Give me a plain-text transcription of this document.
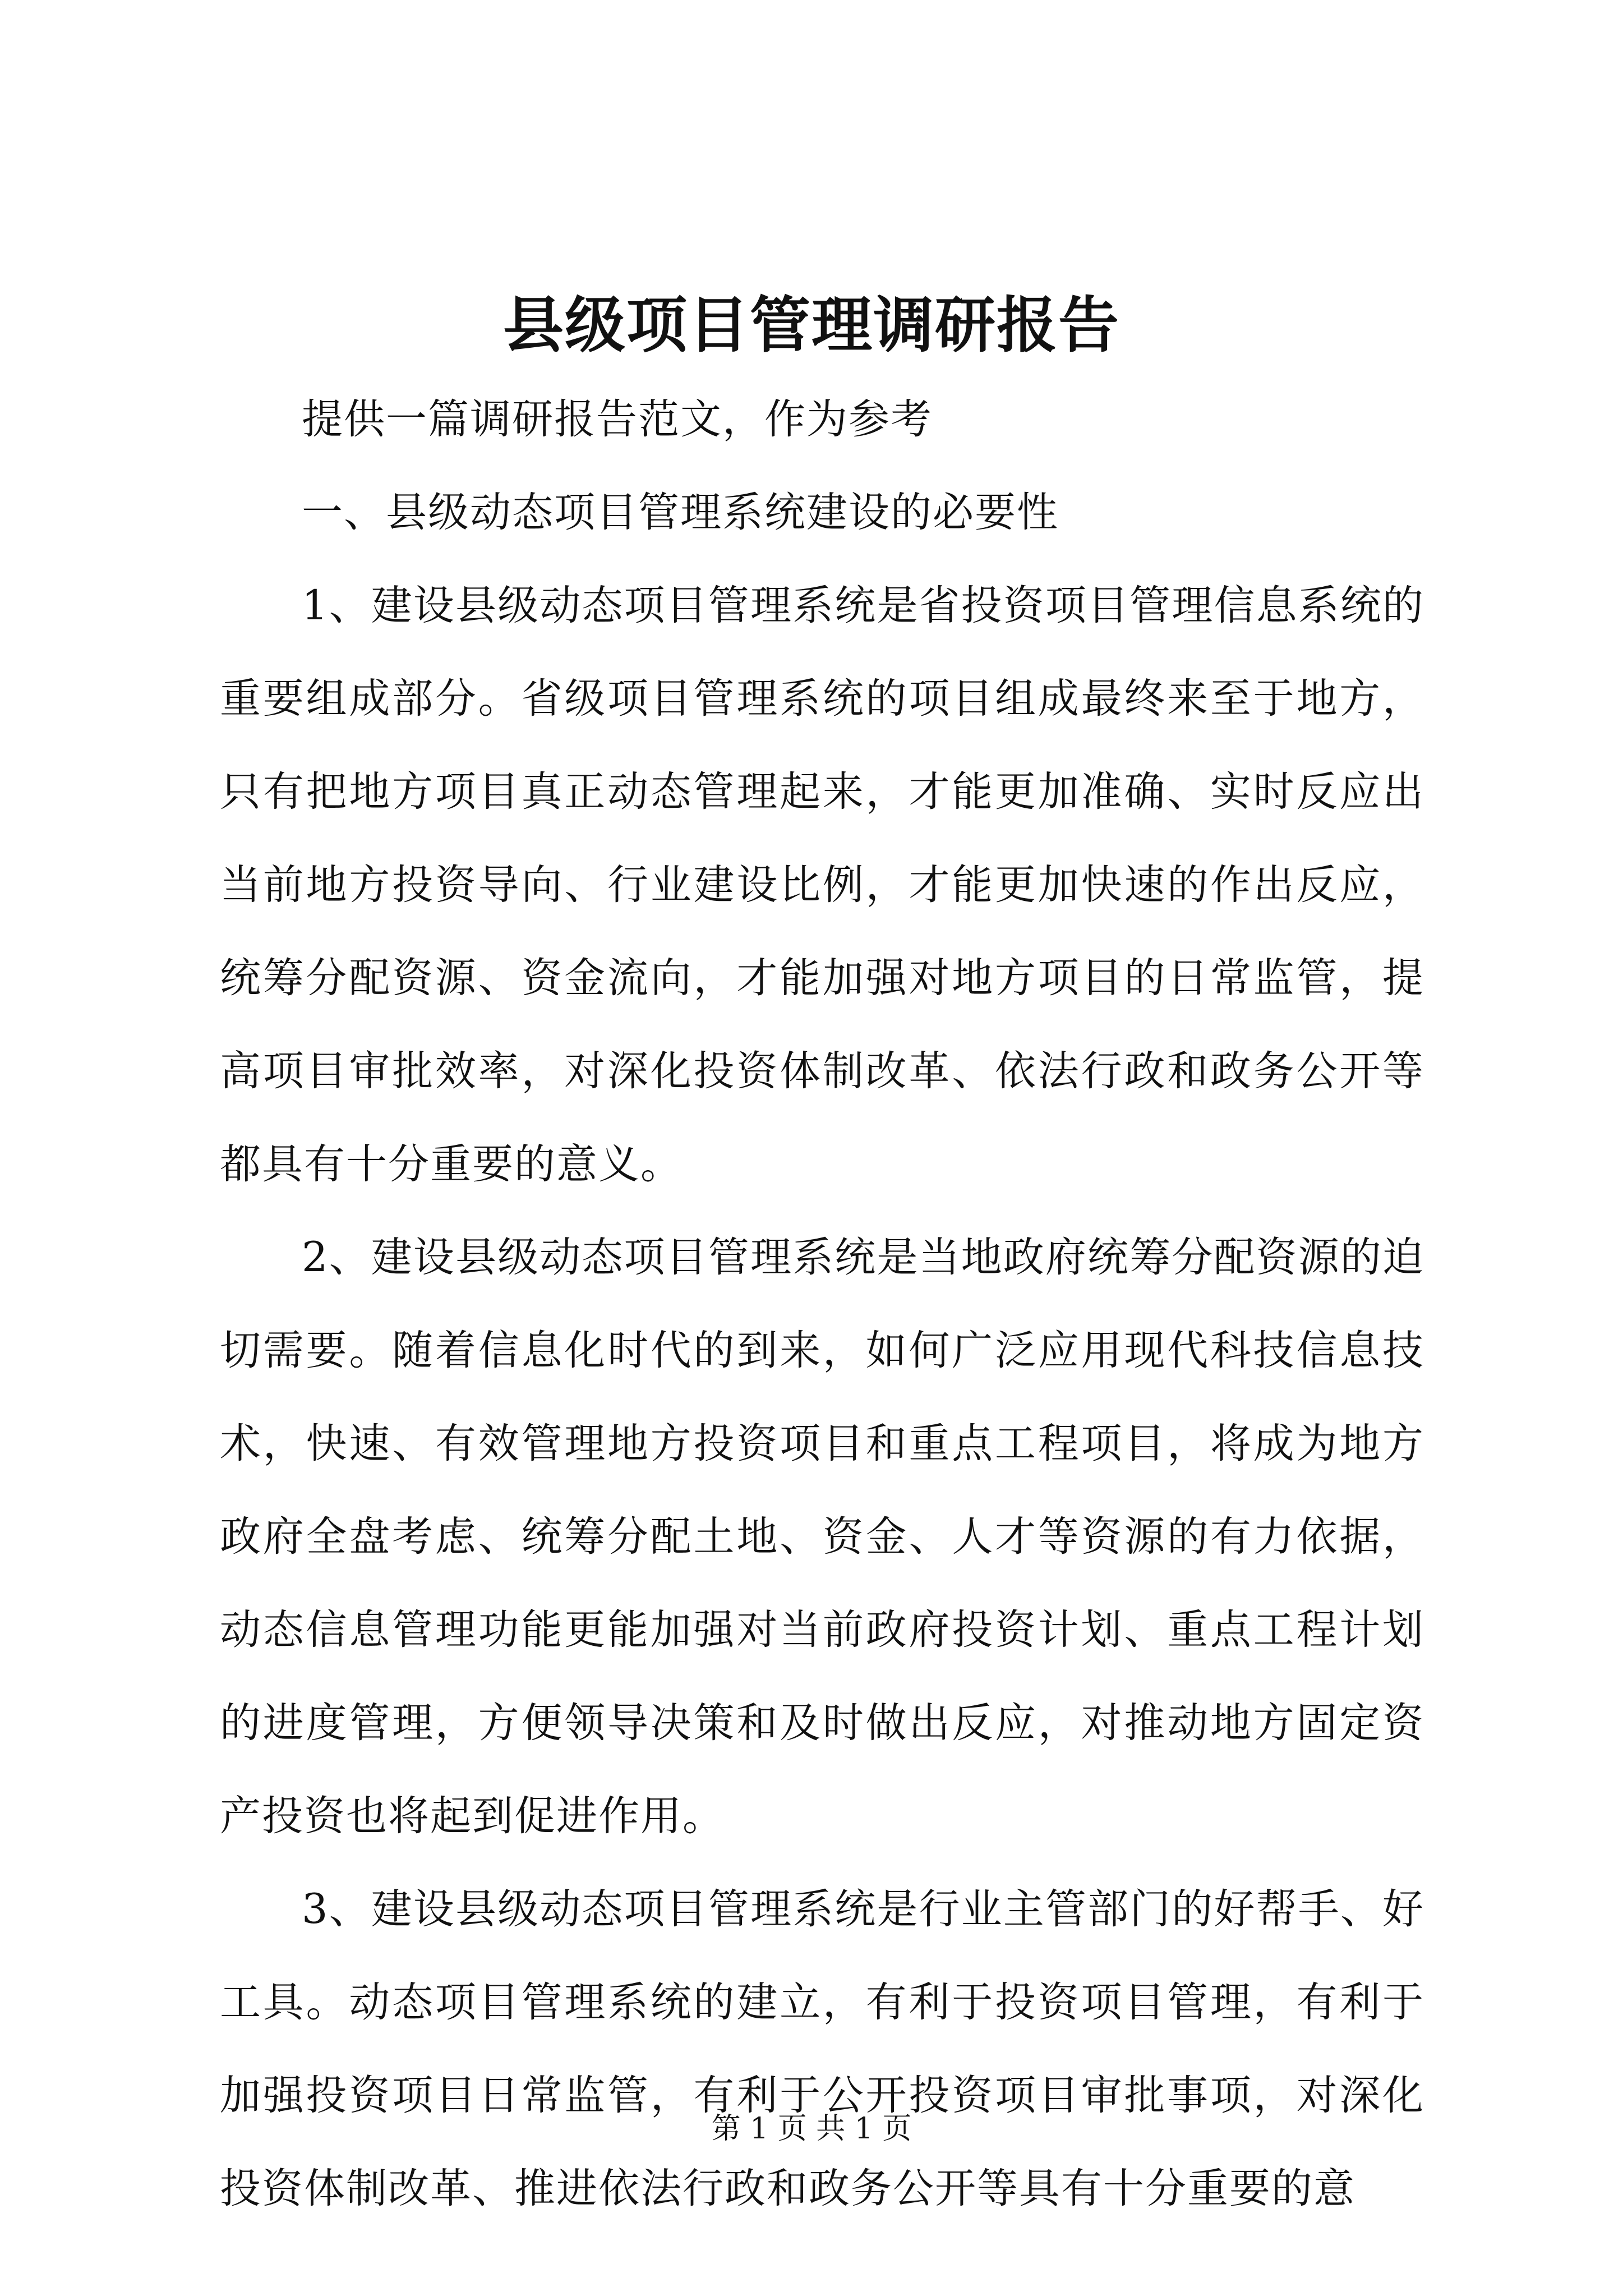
县级项目管理调研报告

提供一篇调研报告范文，作为参考

一、县级动态项目管理系统建设的必要性

1、建设县级动态项目管理系统是省投资项目管理信息系统的重要组成部分。省级项目管理系统的项目组成最终来至于地方，只有把地方项目真正动态管理起来，才能更加准确、实时反应出当前地方投资导向、行业建设比例，才能更加快速的作出反应，统筹分配资源、资金流向，才能加强对地方项目的日常监管，提高项目审批效率，对深化投资体制改革、依法行政和政务公开等都具有十分重要的意义。

2、建设县级动态项目管理系统是当地政府统筹分配资源的迫切需要。随着信息化时代的到来，如何广泛应用现代科技信息技术，快速、有效管理地方投资项目和重点工程项目，将成为地方政府全盘考虑、统筹分配土地、资金、人才等资源的有力依据，动态信息管理功能更能加强对当前政府投资计划、重点工程计划的进度管理，方便领导决策和及时做出反应，对推动地方固定资产投资也将起到促进作用。

3、建设县级动态项目管理系统是行业主管部门的好帮手、好工具。动态项目管理系统的建立，有利于投资项目管理，有利于加强投资项目日常监管，有利于公开投资项目审批事项，对深化投资体制改革、推进依法行政和政务公开等具有十分重要的意

第 1 页 共 1 页
